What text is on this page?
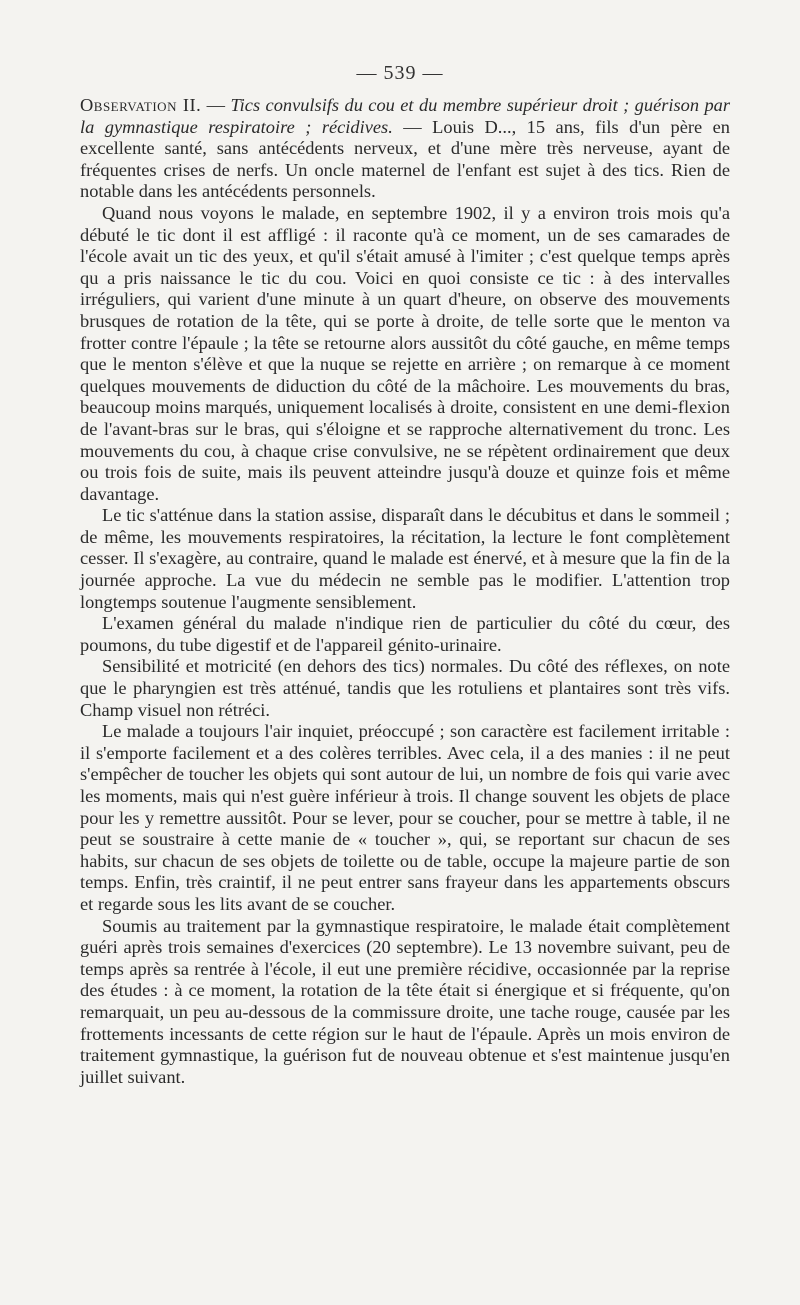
— 539 —

Observation II. — Tics convulsifs du cou et du membre supérieur droit ; guérison par la gymnastique respiratoire ; récidives. — Louis D..., 15 ans, fils d'un père en excellente santé, sans antécédents nerveux, et d'une mère très nerveuse, ayant de fréquentes crises de nerfs. Un oncle maternel de l'enfant est sujet à des tics. Rien de notable dans les antécédents personnels.

Quand nous voyons le malade, en septembre 1902, il y a environ trois mois qu'a débuté le tic dont il est affligé : il raconte qu'à ce moment, un de ses camarades de l'école avait un tic des yeux, et qu'il s'était amusé à l'imiter ; c'est quelque temps après qu a pris naissance le tic du cou. Voici en quoi consiste ce tic : à des intervalles irréguliers, qui varient d'une minute à un quart d'heure, on observe des mouvements brusques de rotation de la tête, qui se porte à droite, de telle sorte que le menton va frotter contre l'épaule ; la tête se retourne alors aussitôt du côté gauche, en même temps que le menton s'élève et que la nuque se rejette en arrière ; on remarque à ce moment quelques mouvements de diduction du côté de la mâchoire. Les mouvements du bras, beaucoup moins marqués, uniquement localisés à droite, consistent en une demi-flexion de l'avant-bras sur le bras, qui s'éloigne et se rapproche alternativement du tronc. Les mouvements du cou, à chaque crise convulsive, ne se répètent ordinairement que deux ou trois fois de suite, mais ils peuvent atteindre jusqu'à douze et quinze fois et même davantage.

Le tic s'atténue dans la station assise, disparaît dans le décubitus et dans le sommeil ; de même, les mouvements respiratoires, la récitation, la lecture le font complètement cesser. Il s'exagère, au contraire, quand le malade est énervé, et à mesure que la fin de la journée approche. La vue du médecin ne semble pas le modifier. L'attention trop longtemps soutenue l'augmente sensiblement.

L'examen général du malade n'indique rien de particulier du côté du cœur, des poumons, du tube digestif et de l'appareil génito-urinaire.

Sensibilité et motricité (en dehors des tics) normales. Du côté des réflexes, on note que le pharyngien est très atténué, tandis que les rotuliens et plantaires sont très vifs. Champ visuel non rétréci.

Le malade a toujours l'air inquiet, préoccupé ; son caractère est facilement irritable : il s'emporte facilement et a des colères terribles. Avec cela, il a des manies : il ne peut s'empêcher de toucher les objets qui sont autour de lui, un nombre de fois qui varie avec les moments, mais qui n'est guère inférieur à trois. Il change souvent les objets de place pour les y remettre aussitôt. Pour se lever, pour se coucher, pour se mettre à table, il ne peut se soustraire à cette manie de « toucher », qui, se reportant sur chacun de ses habits, sur chacun de ses objets de toilette ou de table, occupe la majeure partie de son temps. Enfin, très craintif, il ne peut entrer sans frayeur dans les appartements obscurs et regarde sous les lits avant de se coucher.

Soumis au traitement par la gymnastique respiratoire, le malade était complètement guéri après trois semaines d'exercices (20 septembre). Le 13 novembre suivant, peu de temps après sa rentrée à l'école, il eut une première récidive, occasionnée par la reprise des études : à ce moment, la rotation de la tête était si énergique et si fréquente, qu'on remarquait, un peu au-dessous de la commissure droite, une tache rouge, causée par les frottements incessants de cette région sur le haut de l'épaule. Après un mois environ de traitement gymnastique, la guérison fut de nouveau obtenue et s'est maintenue jusqu'en juillet suivant.
